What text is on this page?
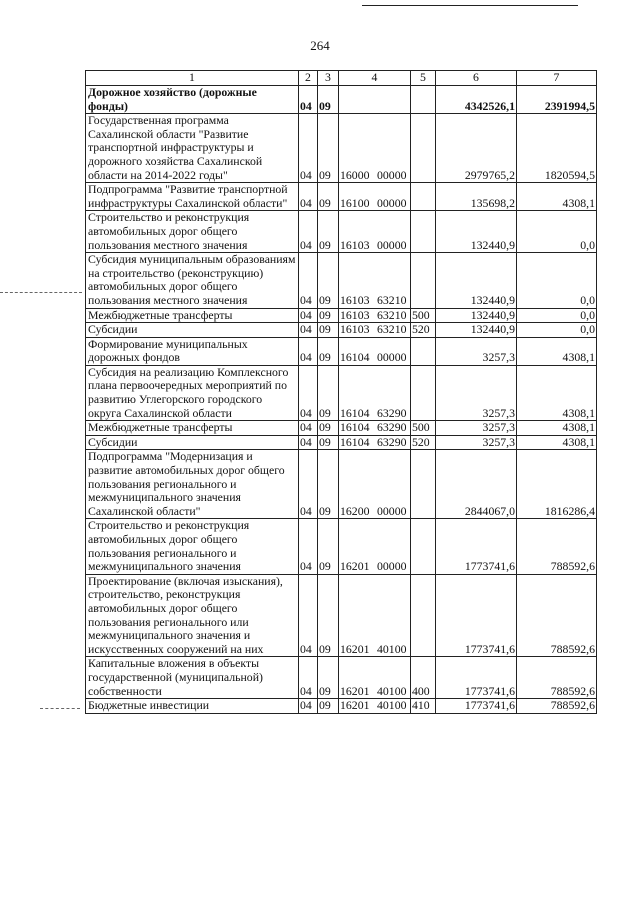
264
1	2	3	4	5	6	7
Дорожное хозяйство (дорожные фонды)	04	09			4342526,1	2391994,5
Государственная программа Сахалинской области "Развитие транспортной инфраструктуры и дорожного хозяйства Сахалинской области на 2014-2022 годы"	04	09	16000 00000		2979765,2	1820594,5
Подпрограмма "Развитие транспортной инфраструктуры Сахалинской области"	04	09	16100 00000		135698,2	4308,1
Строительство и реконструкция автомобильных дорог общего пользования местного значения	04	09	16103 00000		132440,9	0,0
Субсидия муниципальным образованиям на строительство (реконструкцию) автомобильных дорог общего пользования местного значения	04	09	16103 63210		132440,9	0,0
Межбюджетные трансферты	04	09	16103 63210	500	132440,9	0,0
Субсидии	04	09	16103 63210	520	132440,9	0,0
Формирование муниципальных дорожных фондов	04	09	16104 00000		3257,3	4308,1
Субсидия на реализацию Комплексного плана первоочередных мероприятий по развитию Углегорского городского округа Сахалинской области	04	09	16104 63290		3257,3	4308,1
Межбюджетные трансферты	04	09	16104 63290	500	3257,3	4308,1
Субсидии	04	09	16104 63290	520	3257,3	4308,1
Подпрограмма "Модернизация и развитие автомобильных дорог общего пользования регионального и межмуниципального значения Сахалинской области"	04	09	16200 00000		2844067,0	1816286,4
Строительство и реконструкция автомобильных дорог общего пользования регионального и межмуниципального значения	04	09	16201 00000		1773741,6	788592,6
Проектирование (включая изыскания), строительство, реконструкция автомобильных дорог общего пользования регионального или межмуниципального значения и искусственных сооружений на них	04	09	16201 40100		1773741,6	788592,6
Капитальные вложения в объекты государственной (муниципальной) собственности	04	09	16201 40100	400	1773741,6	788592,6
Бюджетные инвестиции	04	09	16201 40100	410	1773741,6	788592,6
